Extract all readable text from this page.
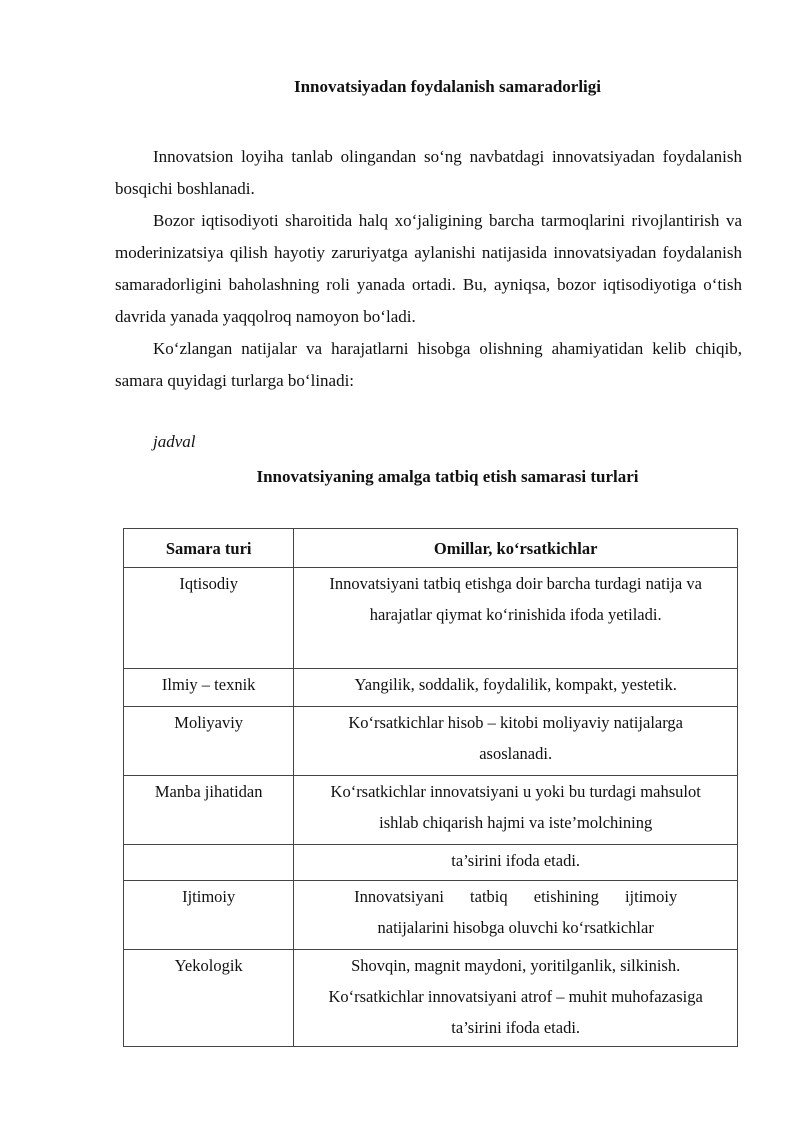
Innovatsiyadan foydalanish samaradorligi

Innovatsion loyiha tanlab olingandan so‘ng navbatdagi innovatsiyadan foydalanish bosqichi boshlanadi.

Bozor iqtisodiyoti sharoitida halq xo‘jaligining barcha tarmoqlarini rivojlantirish va moderinizatsiya qilish hayotiy zaruriyatga aylanishi natijasida innovatsiyadan foydalanish samaradorligini baholashning roli yanada ortadi. Bu, ayniqsa, bozor iqtisodiyotiga o‘tish davrida yanada yaqqolroq namoyon bo‘ladi.

Ko‘zlangan natijalar va harajatlarni hisobga olishning ahamiyatidan kelib chiqib, samara quyidagi turlarga bo‘linadi:

jadval
Innovatsiyaning amalga tatbiq etish samarasi turlari
Samara turi	Omillar, ko‘rsatkichlar
Iqtisodiy	Innovatsiyani tatbiq etishga doir barcha turdagi natija va
harajatlar qiymat ko‘rinishida ifoda yetiladi.

Ilmiy – texnik	Yangilik, soddalik, foydalilik, kompakt, yestetik.

Moliyaviy	Ko‘rsatkichlar hisob – kitobi moliyaviy natijalarga
asoslanadi.

Manba jihatidan	Ko‘rsatkichlar innovatsiyani u yoki bu turdagi mahsulot
ishlab chiqarish hajmi va iste’molchining

	ta’sirini ifoda etadi.

Ijtimoiy	Innovatsiyani tatbiq etishining ijtimoiy
natijalarini hisobga oluvchi ko‘rsatkichlar

Yekologik	Shovqin, magnit maydoni, yoritilganlik, silkinish.
Ko‘rsatkichlar innovatsiyani atrof – muhit muhofazasiga
ta’sirini ifoda etadi.
